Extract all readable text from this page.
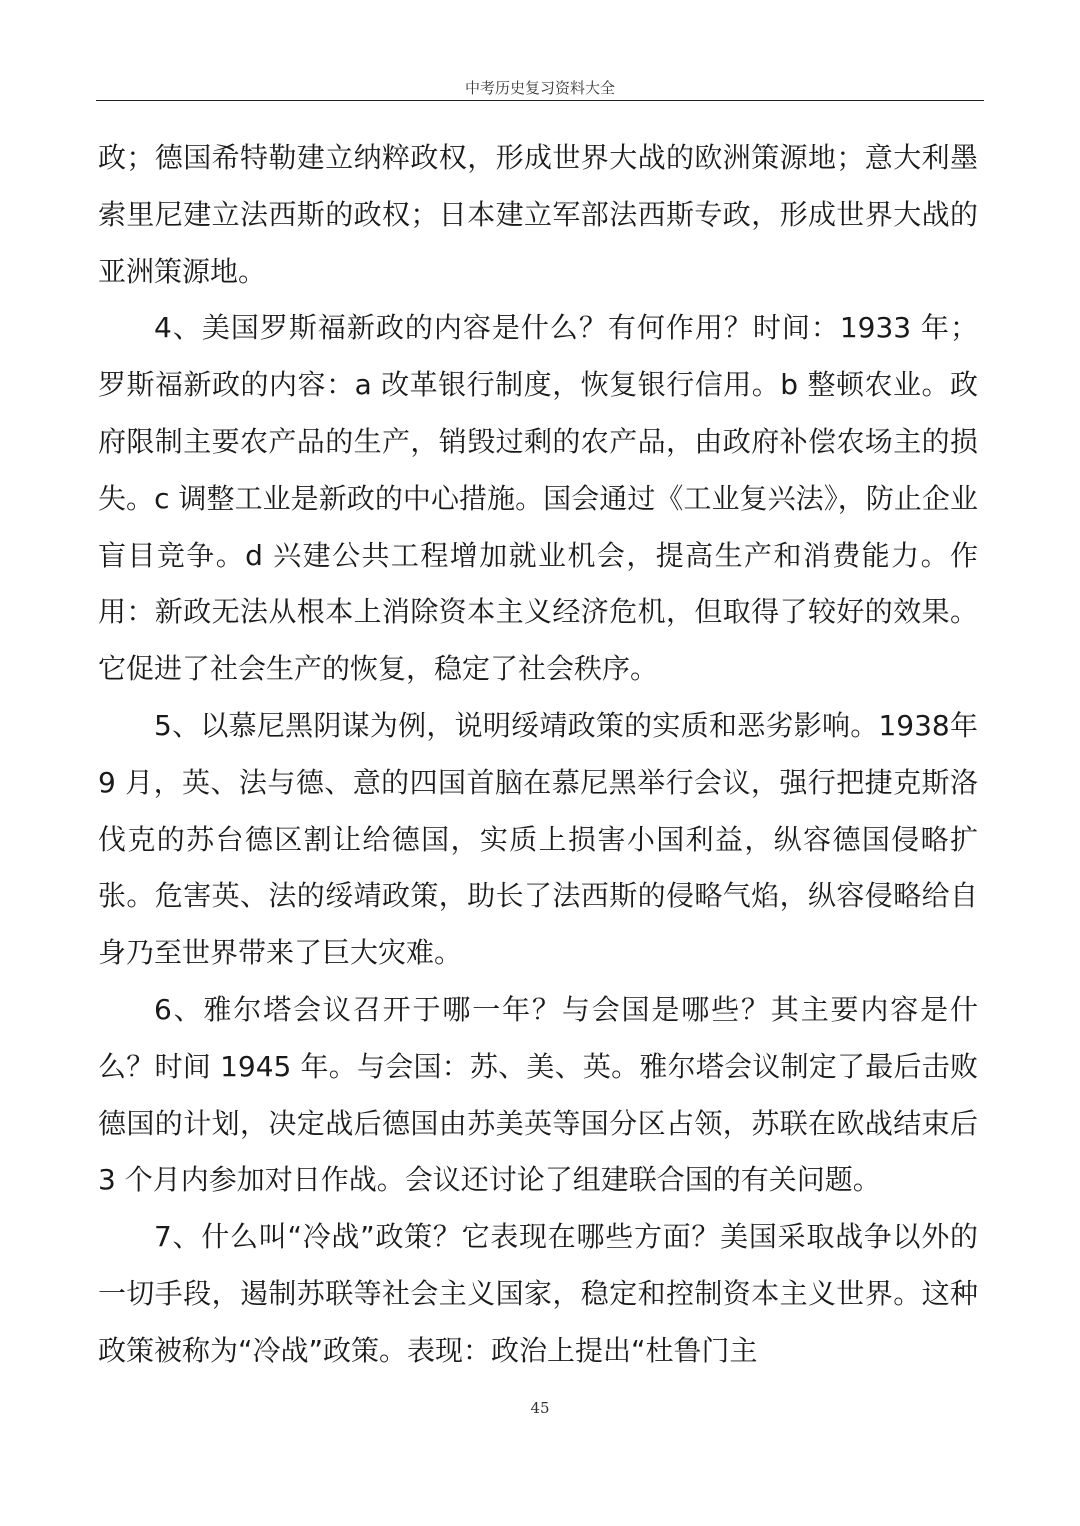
中考历史复习资料大全

政；德国希特勒建立纳粹政权，形成世界大战的欧洲策源地；意大利墨索里尼建立法西斯的政权；日本建立军部法西斯专政，形成世界大战的亚洲策源地。

4、美国罗斯福新政的内容是什么？有何作用？时间：1933 年；罗斯福新政的内容：a 改革银行制度，恢复银行信用。b 整顿农业。政府限制主要农产品的生产，销毁过剩的农产品，由政府补偿农场主的损失。c 调整工业是新政的中心措施。国会通过《工业复兴法》，防止企业盲目竞争。d 兴建公共工程增加就业机会，提高生产和消费能力。作用：新政无法从根本上消除资本主义经济危机，但取得了较好的效果。它促进了社会生产的恢复，稳定了社会秩序。

5、以慕尼黑阴谋为例，说明绥靖政策的实质和恶劣影响。1938年 9 月，英、法与德、意的四国首脑在慕尼黑举行会议，强行把捷克斯洛伐克的苏台德区割让给德国，实质上损害小国利益，纵容德国侵略扩张。危害英、法的绥靖政策，助长了法西斯的侵略气焰，纵容侵略给自身乃至世界带来了巨大灾难。

6、雅尔塔会议召开于哪一年？与会国是哪些？其主要内容是什么？时间 1945 年。与会国：苏、美、英。雅尔塔会议制定了最后击败德国的计划，决定战后德国由苏美英等国分区占领，苏联在欧战结束后 3 个月内参加对日作战。会议还讨论了组建联合国的有关问题。

7、什么叫“冷战”政策？它表现在哪些方面？美国采取战争以外的一切手段，遏制苏联等社会主义国家，稳定和控制资本主义世界。这种政策被称为“冷战”政策。表现：政治上提出“杜鲁门主

45
